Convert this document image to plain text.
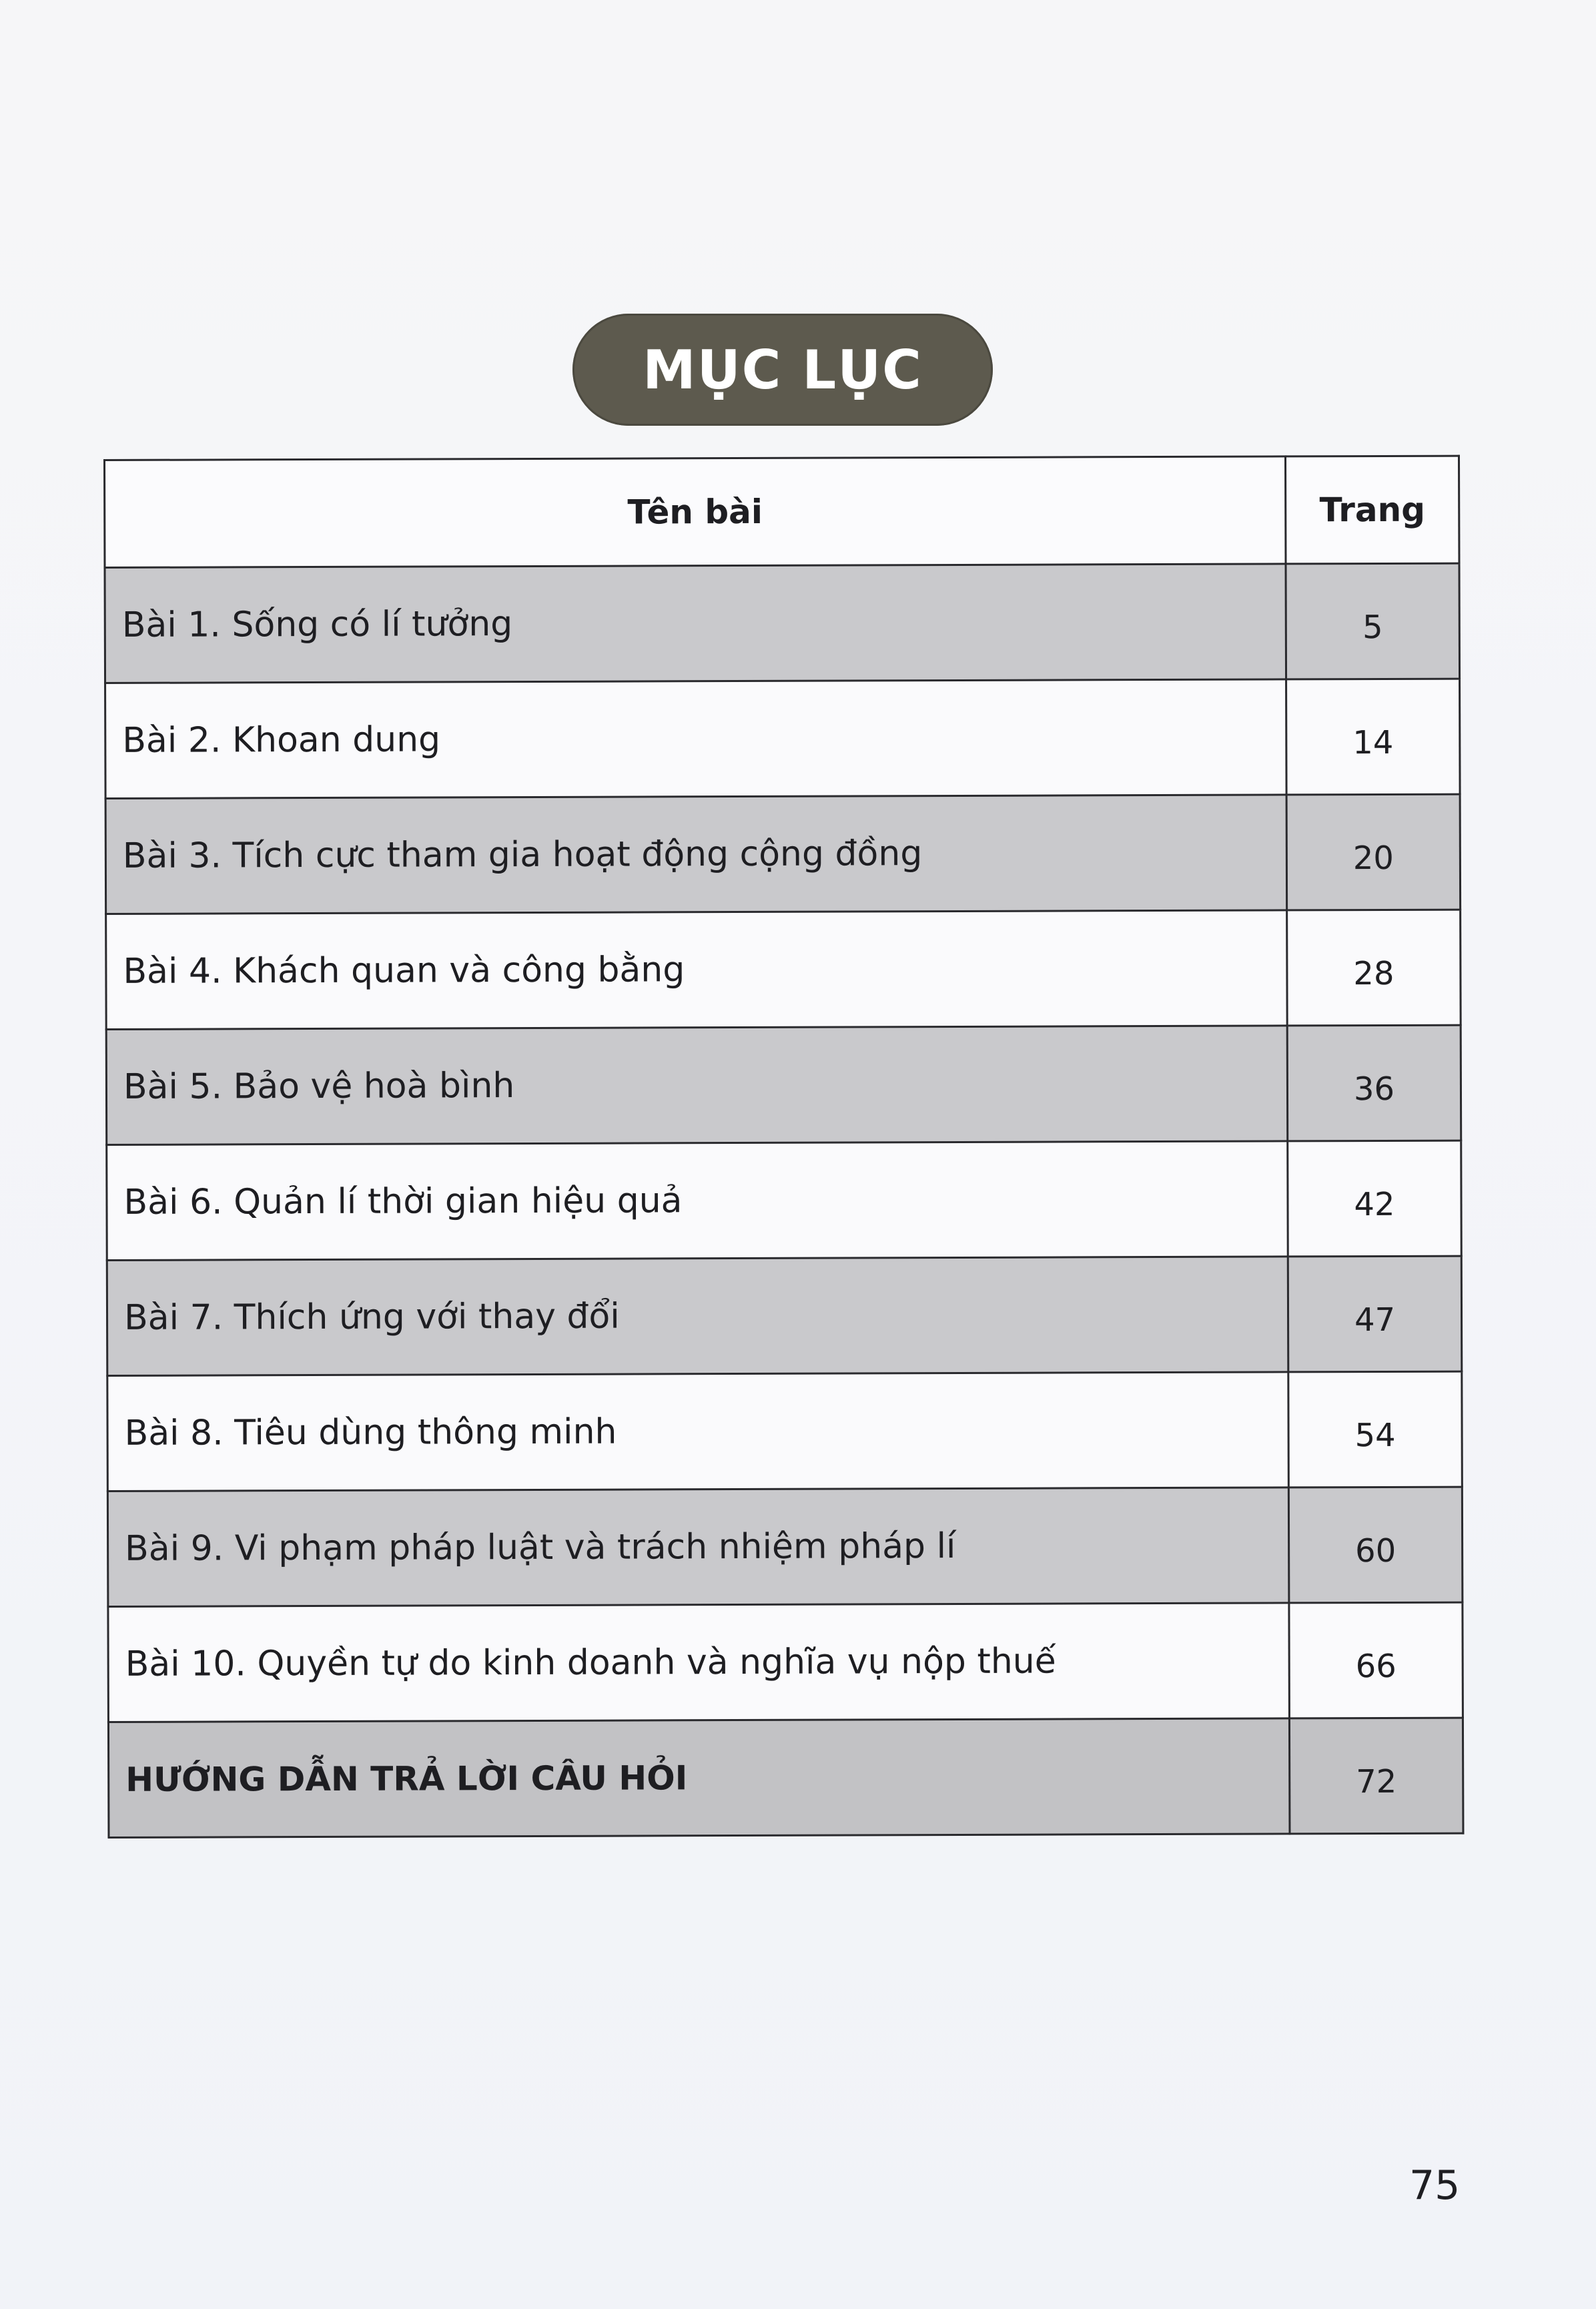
MỤC LỤC
Tên bài	Trang
Bài 1. Sống có lí tưởng	5
Bài 2. Khoan dung	14
Bài 3. Tích cực tham gia hoạt động cộng đồng	20
Bài 4. Khách quan và công bằng	28
Bài 5. Bảo vệ hoà bình	36
Bài 6. Quản lí thời gian hiệu quả	42
Bài 7. Thích ứng với thay đổi	47
Bài 8. Tiêu dùng thông minh	54
Bài 9. Vi phạm pháp luật và trách nhiệm pháp lí	60
Bài 10. Quyền tự do kinh doanh và nghĩa vụ nộp thuế	66
HƯỚNG DẪN TRẢ LỜI CÂU HỎI	72
75
